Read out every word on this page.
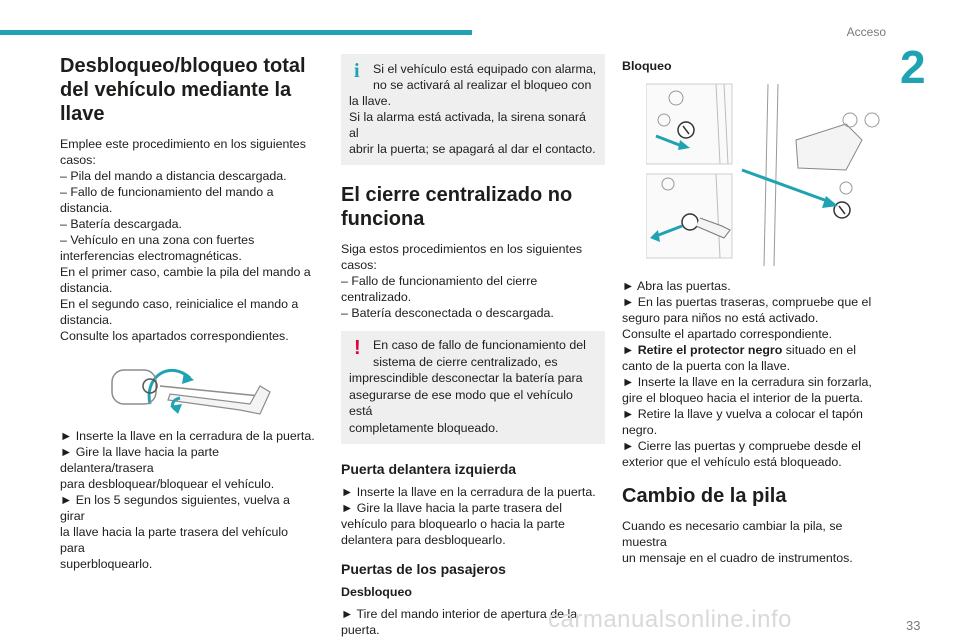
Acceso
2
Desbloqueo/bloqueo total del vehículo mediante la llave
Emplee este procedimiento en los siguientes
casos:
– Pila del mando a distancia descargada.
– Fallo de funcionamiento del mando a
distancia.
– Batería descargada.
– Vehículo en una zona con fuertes
interferencias electromagnéticas.
En el primer caso, cambie la pila del mando a
distancia.
En el segundo caso, reinicialice el mando a
distancia.
Consulte los apartados correspondientes.
► Inserte la llave en la cerradura de la puerta.
► Gire la llave hacia la parte delantera/trasera
para desbloquear/bloquear el vehículo.
► En los 5 segundos siguientes, vuelva a girar
la llave hacia la parte trasera del vehículo para
superbloquearlo.
i	Si el vehículo está equipado con alarma,
no se activará al realizar el bloqueo con
la llave.
Si la alarma está activada, la sirena sonará al
abrir la puerta; se apagará al dar el contacto.
El cierre centralizado no funciona
Siga estos procedimientos en los siguientes
casos:
– Fallo de funcionamiento del cierre
centralizado.
– Batería desconectada o descargada.
! En caso de fallo de funcionamiento del
sistema de cierre centralizado, es
imprescindible desconectar la batería para
asegurarse de ese modo que el vehículo está
completamente bloqueado.
Puerta delantera izquierda
► Inserte la llave en la cerradura de la puerta.
► Gire la llave hacia la parte trasera del
vehículo para bloquearlo o hacia la parte
delantera para desbloquearlo.
Puertas de los pasajeros
Desbloqueo
► Tire del mando interior de apertura de la
puerta.
Bloqueo
► Abra las puertas.
► En las puertas traseras, compruebe que el
seguro para niños no está activado.
Consulte el apartado correspondiente.
► Retire el protector negro situado en el
canto de la puerta con la llave.
► Inserte la llave en la cerradura sin forzarla,
gire el bloqueo hacia el interior de la puerta.
► Retire la llave y vuelva a colocar el tapón
negro.
► Cierre las puertas y compruebe desde el
exterior que el vehículo está bloqueado.
Cambio de la pila
Cuando es necesario cambiar la pila, se muestra
un mensaje en el cuadro de instrumentos.
carmanualsonline.info	33
